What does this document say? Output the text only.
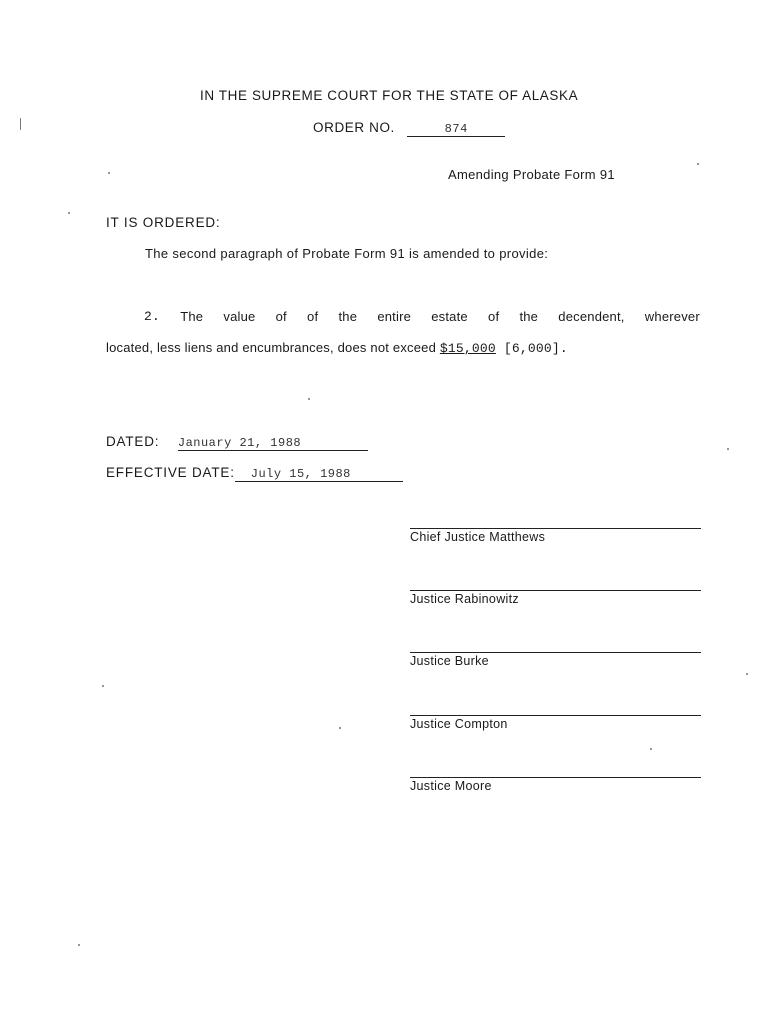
IN THE SUPREME COURT FOR THE STATE OF ALASKA
ORDER NO.	874
Amending Probate Form 91
IT IS ORDERED:
The second paragraph of Probate Form 91 is amended to provide:
2. The value of of the entire estate of the decendent, wherever
located, less liens and encumbrances, does not exceed $15,000 [6,000].
DATED: January 21, 1988
EFFECTIVE DATE: July 15, 1988
Chief Justice Matthews
Justice Rabinowitz
Justice Burke
Justice Compton
Justice Moore
